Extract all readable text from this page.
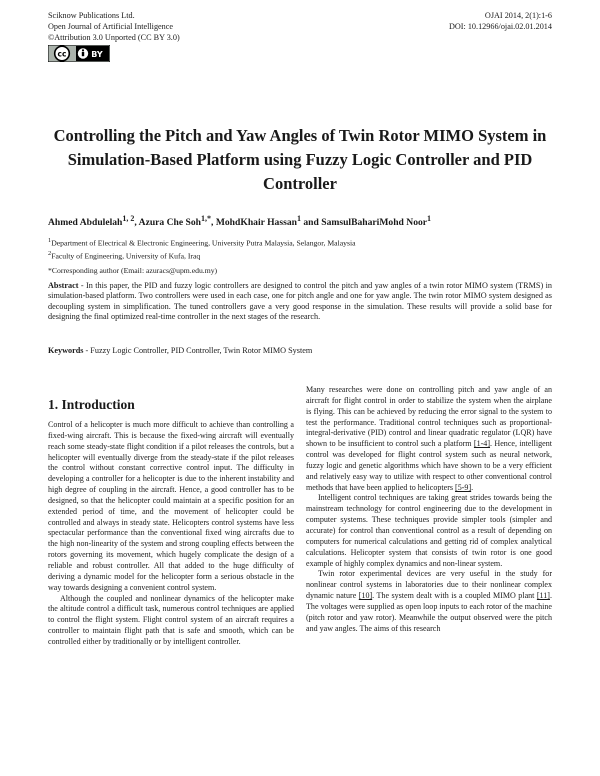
Sciknow Publications Ltd.
Open Journal of Artificial Intelligence
©Attribution 3.0 Unported (CC BY 3.0)
OJAI 2014, 2(1):1-6
DOI: 10.12966/ojai.02.01.2014
cc	BY
Controlling the Pitch and Yaw Angles of Twin Rotor MIMO System in Simulation-Based Platform using Fuzzy Logic Controller and PID Controller
Ahmed Abdulelah$^{1, 2}$, Azura Che Soh$^{1,*}$, MohdKhair Hassan$^1$ and SamsulBahariMohd Noor$^1$
$^1$Department of Electrical & Electronic Engineering, University Putra Malaysia, Selangor, Malaysia
$^2$Faculty of Engineering, University of Kufa, Iraq
*Corresponding author (Email: azuracs@upm.edu.my)
Abstract - In this paper, the PID and fuzzy logic controllers are designed to control the pitch and yaw angles of a twin rotor MIMO system (TRMS) in simulation-based platform. Two controllers were used in each case, one for pitch angle and one for yaw angle. The twin rotor MIMO system designed as decoupling system in simplification. The tuned controllers gave a very good response in the simulation. These results will provide a solid base for designing the final optimized real-time controller in the next stages of the research.
Keywords - Fuzzy Logic Controller, PID Controller, Twin Rotor MIMO System
1. Introduction

Control of a helicopter is much more difficult to achieve than controlling a fixed-wing aircraft. This is because the fixed-wing aircraft will eventually reach some steady-state flight condition if a pilot releases the controls, but a helicopter will eventually diverge from the steady-state if the pilot releases the control without constant corrective control input. The difficulty in developing a controller for a helicopter is due to the inherent instability and high degree of coupling in the aircraft. Hence, a good controller has to be designed, so that the helicopter could maintain at a specific position for an extended period of time, and the movement of helicopter could be controlled and always in steady state. Helicopters control systems have less spectacular performance than the conventional fixed wing aircrafts due to the high non-linearity of the system and strong coupling effects between the rotors governing its movement, which hugely complicate the design of a reliable and robust controller. All that added to the huge difficulty of deriving a dynamic model for the helicopter form a serious obstacle in the way towards designing a convenient control system.

Although the coupled and nonlinear dynamics of the helicopter make the altitude control a difficult task, numerous control techniques are applied to control the flight system. Flight control system of an aircraft requires a controller to maintain flight path that is safe and smooth, which can be controlled either by traditionally or by intelligent controller.

Many researches were done on controlling pitch and yaw angle of an aircraft for flight control in order to stabilize the system when the airplane is flying. This can be achieved by reducing the error signal to the system to test the performance. Traditional control techniques such as proportional-integral-derivative (PID) control and linear quadratic regulator (LQR) have shown to be insufficient to control such a platform [1-4]. Hence, intelligent control was developed for flight control system such as neural network, fuzzy logic and genetic algorithms which have shown to be a very efficient and relatively easy way to utilize with respect to other conventional control methods that have been applied to helicopters [5-9].

Intelligent control techniques are taking great strides towards being the mainstream technology for control engineering due to the development in computer systems. These techniques provide simpler tools (simpler and accurate) for control than conventional control as a result of depending on computers for numerical calculations and getting rid of complex analytical calculations. Helicopter system that consists of twin rotor is one good example of highly complex dynamics and non-linear system.

Twin rotor experimental devices are very useful in the study for nonlinear control systems in laboratories due to their nonlinear complex dynamic nature [10]. The system dealt with is a coupled MIMO plant [11]. The voltages were supplied as open loop inputs to each rotor of the machine (pitch rotor and yaw rotor). Meanwhile the output observed were the pitch and yaw angles. The aims of this research
